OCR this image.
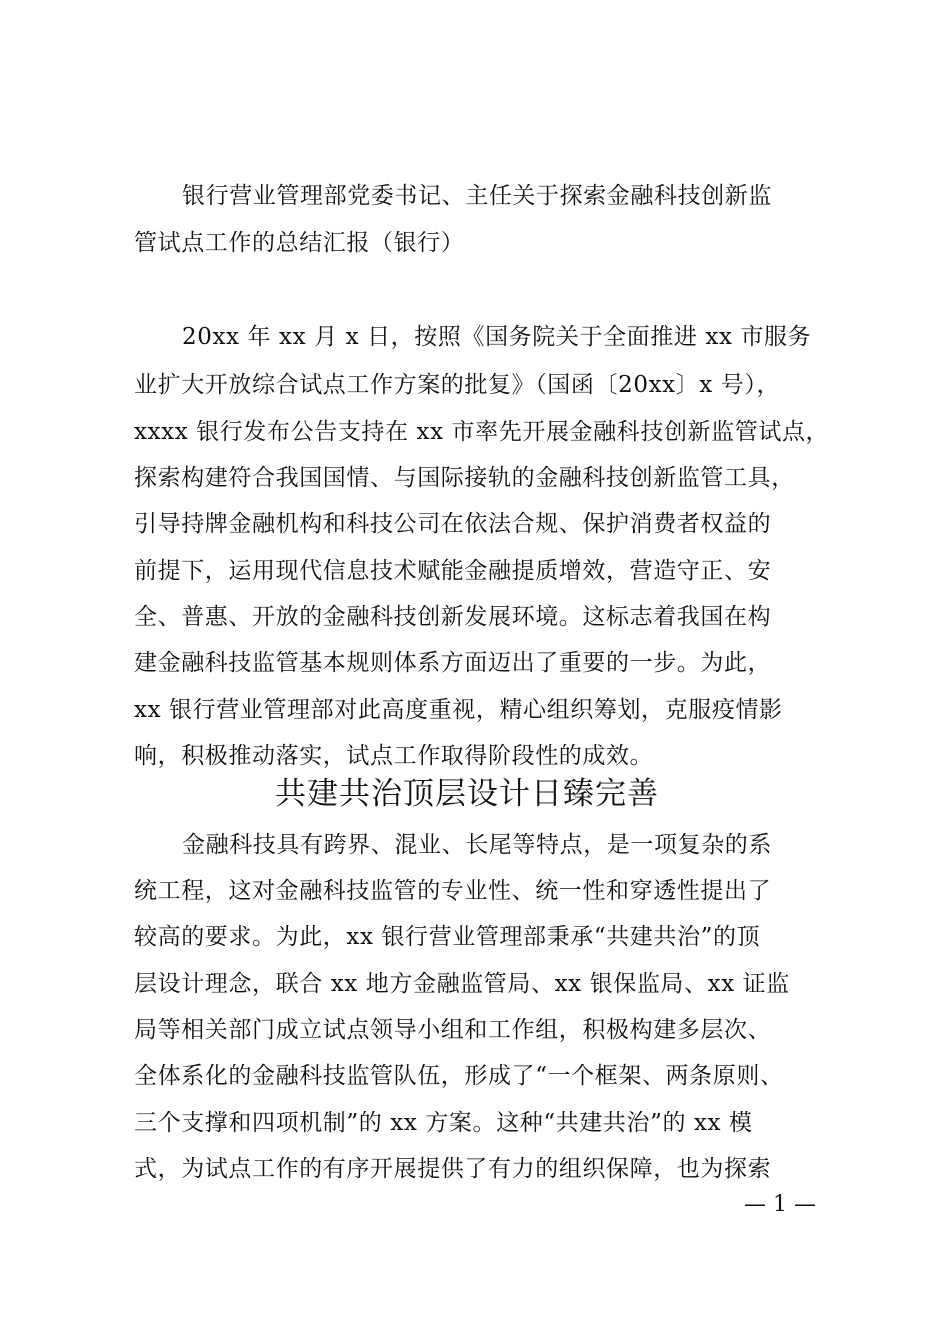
银行营业管理部党委书记、主任关于探索金融科技创新监
管试点工作的总结汇报（银行）
20xx 年 xx 月 x 日，按照《国务院关于全面推进 xx 市服务
业扩大开放综合试点工作方案的批复》（国函〔20xx〕x 号），
xxxx 银行发布公告支持在 xx 市率先开展金融科技创新监管试点，
探索构建符合我国国情、与国际接轨的金融科技创新监管工具，
引导持牌金融机构和科技公司在依法合规、保护消费者权益的
前提下，运用现代信息技术赋能金融提质增效，营造守正、安
全、普惠、开放的金融科技创新发展环境。这标志着我国在构
建金融科技监管基本规则体系方面迈出了重要的一步。为此，
xx 银行营业管理部对此高度重视，精心组织筹划，克服疫情影
响，积极推动落实，试点工作取得阶段性的成效。
共建共治顶层设计日臻完善
金融科技具有跨界、混业、长尾等特点，是一项复杂的系
统工程，这对金融科技监管的专业性、统一性和穿透性提出了
较高的要求。为此，xx 银行营业管理部秉承“共建共治”的顶
层设计理念，联合 xx 地方金融监管局、xx 银保监局、xx 证监
局等相关部门成立试点领导小组和工作组，积极构建多层次、
全体系化的金融科技监管队伍，形成了“一个框架、两条原则、
三个支撑和四项机制”的 xx 方案。这种“共建共治”的 xx 模
式，为试点工作的有序开展提供了有力的组织保障，也为探索
— 1 —
